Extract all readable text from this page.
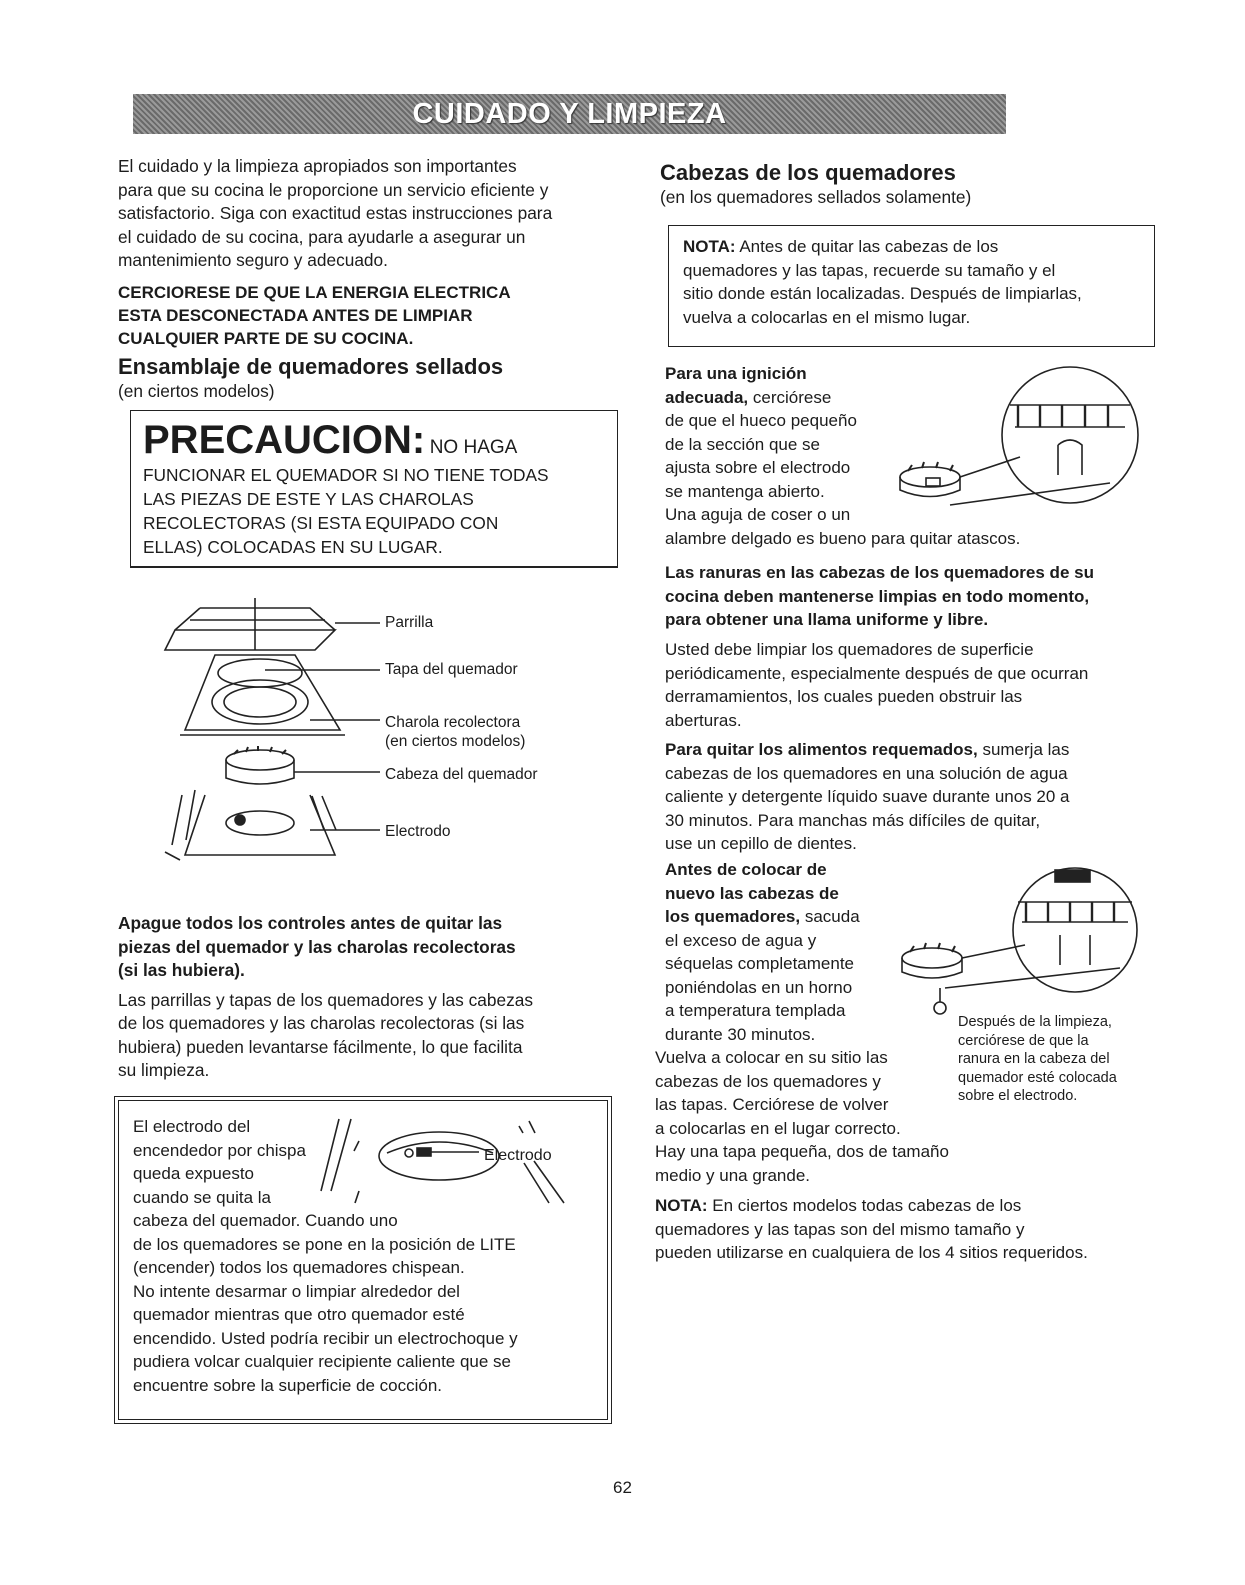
CUIDADO Y LIMPIEZA
El cuidado y la limpieza apropiados son importantes
para que su cocina le proporcione un servicio eficiente y
satisfactorio. Siga con exactitud estas instrucciones para
el cuidado de su cocina, para ayudarle a asegurar un
mantenimiento seguro y adecuado.
CERCIORESE DE QUE LA ENERGIA ELECTRICA
ESTA DESCONECTADA ANTES DE LIMPIAR
CUALQUIER PARTE DE SU COCINA.
Ensamblaje de quemadores sellados
(en ciertos modelos)
PRECAUCION: NO HAGA
FUNCIONAR EL QUEMADOR SI NO TIENE TODAS
LAS PIEZAS DE ESTE Y LAS CHAROLAS
RECOLECTORAS (SI ESTA EQUIPADO CON
ELLAS) COLOCADAS EN SU LUGAR.
Parrilla
Tapa del quemador
Charola recolectora
(en ciertos modelos)
Cabeza del quemador
Electrodo
Apague todos los controles antes de quitar las
piezas del quemador y las charolas recolectoras
(si las hubiera).
Las parrillas y tapas de los quemadores y las cabezas
de los quemadores y las charolas recolectoras (si las
hubiera) pueden levantarse fácilmente, lo que facilita
su limpieza.
El electrodo del
encendedor por chispa
queda expuesto
cuando se quita la
Electrodo
cabeza del quemador. Cuando uno
de los quemadores se pone en la posición de LITE
(encender) todos los quemadores chispean.
No intente desarmar o limpiar alrededor del
quemador mientras que otro quemador esté
encendido. Usted podría recibir un electrochoque y
pudiera volcar cualquier recipiente caliente que se
encuentre sobre la superficie de cocción.
Cabezas de los quemadores
(en los quemadores sellados solamente)
NOTA: Antes de quitar las cabezas de los
quemadores y las tapas, recuerde su tamaño y el
sitio donde están localizadas. Después de limpiarlas,
vuelva a colocarlas en el mismo lugar.
Para una ignición
adecuada, cerciórese
de que el hueco pequeño
de la sección que se
ajusta sobre el electrodo
se mantenga abierto.
Una aguja de coser o un
alambre delgado es bueno para quitar atascos.
Las ranuras en las cabezas de los quemadores de su
cocina deben mantenerse limpias en todo momento,
para obtener una llama uniforme y libre.
Usted debe limpiar los quemadores de superficie
periódicamente, especialmente después de que ocurran
derramamientos, los cuales pueden obstruir las
aberturas.
Para quitar los alimentos requemados, sumerja las
cabezas de los quemadores en una solución de agua
caliente y detergente líquido suave durante unos 20 a
30 minutos. Para manchas más difíciles de quitar,
use un cepillo de dientes.
Antes de colocar de
nuevo las cabezas de
los quemadores, sacuda
el exceso de agua y
séquelas completamente
poniéndolas en un horno
a temperatura templada
durante 30 minutos.
Después de la limpieza,
cerciórese de que la
ranura en la cabeza del
quemador esté colocada
sobre el electrodo.
Vuelva a colocar en su sitio las
cabezas de los quemadores y
las tapas. Cerciórese de volver
a colocarlas en el lugar correcto.
Hay una tapa pequeña, dos de tamaño
medio y una grande.
NOTA: En ciertos modelos todas cabezas de los
quemadores y las tapas son del mismo tamaño y
pueden utilizarse en cualquiera de los 4 sitios requeridos.
62
